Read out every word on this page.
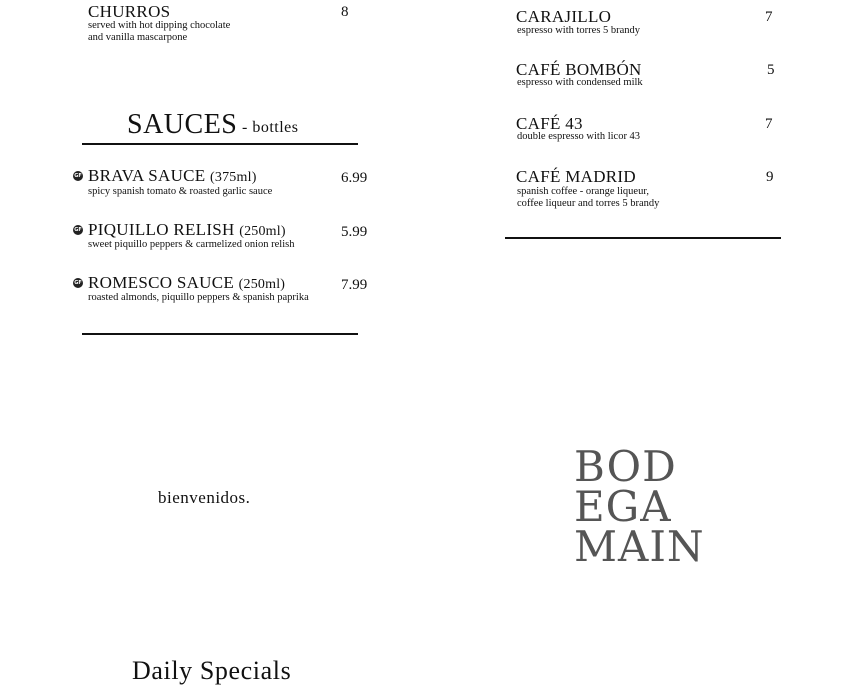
CHURROS	8
served with hot dipping chocolate
and vanilla mascarpone
SAUCES - bottles
GF BRAVA SAUCE (375ml)	6.99
spicy spanish tomato & roasted garlic sauce
GF PIQUILLO RELISH (250ml)	5.99
sweet piquillo peppers & carmelized onion relish
GF ROMESCO SAUCE (250ml)	7.99
roasted almonds, piquillo peppers & spanish paprika
bienvenidos.
Daily Specials
CARAJILLO	7
espresso with torres 5 brandy
CAFÉ BOMBÓN	5
espresso with condensed milk
CAFÉ 43	7
double espresso with licor 43
CAFÉ MADRID	9
spanish coffee - orange liqueur,
coffee liqueur and torres 5 brandy
BOD
EGA
MAIN
